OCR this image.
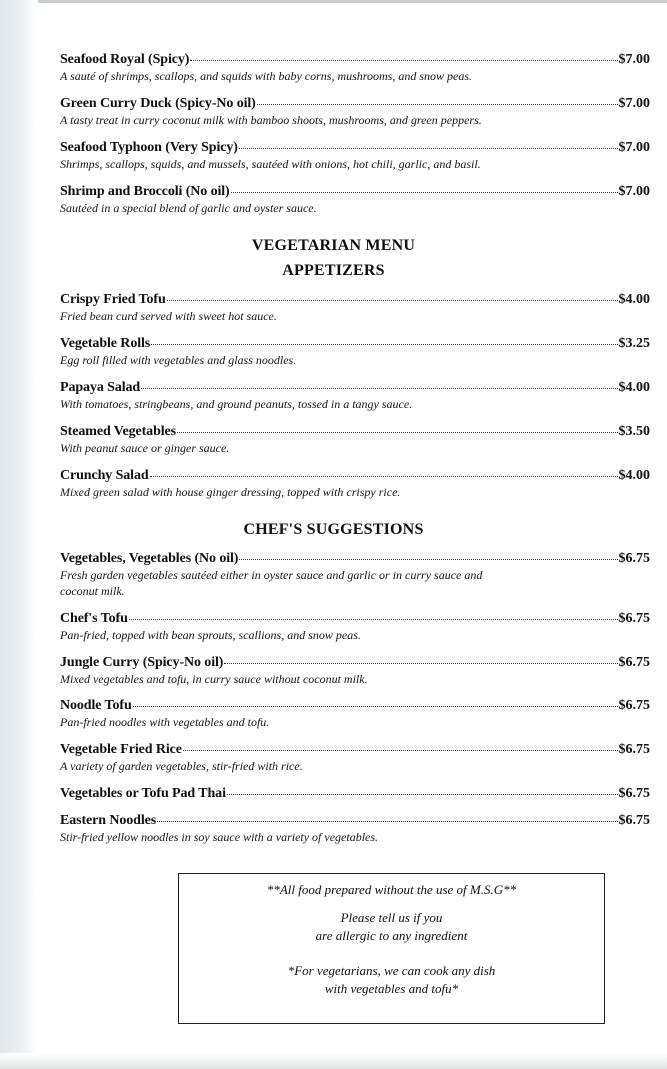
Seafood Royal (Spicy)	$7.00
A sauté of shrimps, scallops, and squids with baby corns, mushrooms, and snow peas.
Green Curry Duck (Spicy-No oil)	$7.00
A tasty treat in curry coconut milk with bamboo shoots, mushrooms, and green peppers.
Seafood Typhoon (Very Spicy)	$7.00
Shrimps, scallops, squids, and mussels, sautéed with onions, hot chili, garlic, and basil.
Shrimp and Broccoli (No oil)	$7.00
Sautéed in a special blend of garlic and oyster sauce.
VEGETARIAN MENU
APPETIZERS
Crispy Fried Tofu	$4.00
Fried bean curd served with sweet hot sauce.
Vegetable Rolls	$3.25
Egg roll filled with vegetables and glass noodles.
Papaya Salad	$4.00
With tomatoes, stringbeans, and ground peanuts, tossed in a tangy sauce.
Steamed Vegetables	$3.50
With peanut sauce or ginger sauce.
Crunchy Salad	$4.00
Mixed green salad with house ginger dressing, topped with crispy rice.
CHEF'S SUGGESTIONS
Vegetables, Vegetables (No oil)	$6.75
Fresh garden vegetables sautéed either in oyster sauce and garlic or in curry sauce and
coconut milk.
Chef's Tofu	$6.75
Pan-fried, topped with bean sprouts, scallions, and snow peas.
Jungle Curry (Spicy-No oil)	$6.75
Mixed vegetables and tofu, in curry sauce without coconut milk.
Noodle Tofu	$6.75
Pan-fried noodles with vegetables and tofu.
Vegetable Fried Rice	$6.75
A variety of garden vegetables, stir-fried with rice.
Vegetables or Tofu Pad Thai	$6.75
Eastern Noodles	$6.75
Stir-fried yellow noodles in soy sauce with a variety of vegetables.

**All food prepared without the use of M.S.G**

Please tell us if you

are allergic to any ingredient

*For vegetarians, we can cook any dish

with vegetables and tofu*
